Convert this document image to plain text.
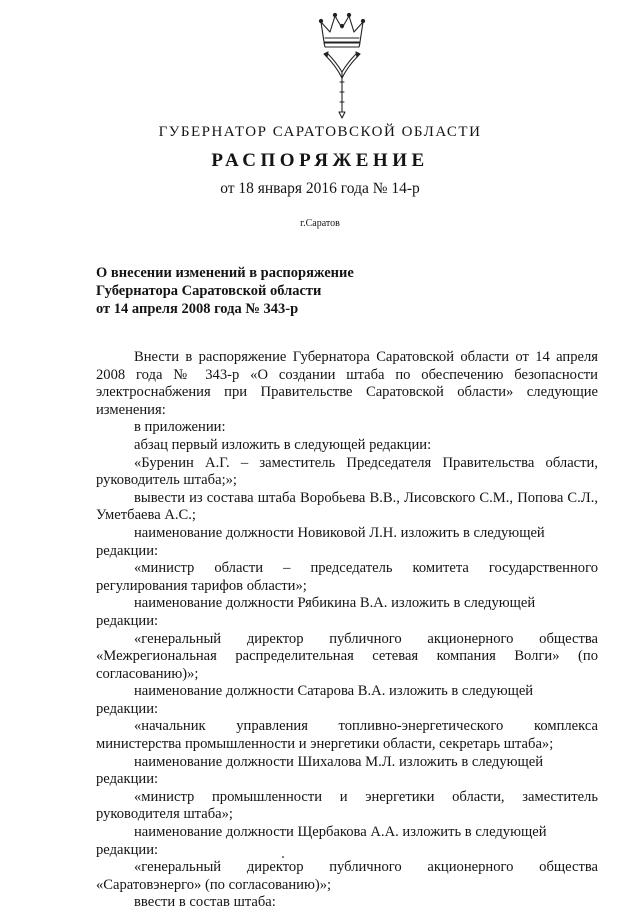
ГУБЕРНАТОР САРАТОВСКОЙ ОБЛАСТИ
РАСПОРЯЖЕНИЕ
от 18 января 2016 года № 14-р
г.Саратов
О внесении изменений в распоряжение
Губернатора Саратовской области
от 14 апреля 2008 года № 343-р

Внести в распоряжение Губернатора Саратовской области от 14 апреля 2008 года № 343-р «О создании штаба по обеспечению безопасности электроснабжения при Правительстве Саратовской области» следующие изменения:

в приложении:

абзац первый изложить в следующей редакции:

«Буренин А.Г. – заместитель Председателя Правительства области, руководитель штаба;»;

вывести из состава штаба Воробьева В.В., Лисовского С.М., Попова С.Л., Уметбаева А.С.;

наименование должности Новиковой Л.Н. изложить в следующей редакции:

«министр области – председатель комитета государственного регулирования тарифов области»;

наименование должности Рябикина В.А. изложить в следующей редакции:

«генеральный директор публичного акционерного общества «Межрегиональная распределительная сетевая компания Волги» (по согласованию)»;

наименование должности Сатарова В.А. изложить в следующей редакции:

«начальник управления топливно-энергетического комплекса министерства промышленности и энергетики области, секретарь штаба»;

наименование должности Шихалова М.Л. изложить в следующей редакции:

«министр промышленности и энергетики области, заместитель руководителя штаба»;

наименование должности Щербакова А.А. изложить в следующей редакции:

«генеральный директор публичного акционерного общества «Саратовэнерго» (по согласованию)»;

ввести в состав штаба:
